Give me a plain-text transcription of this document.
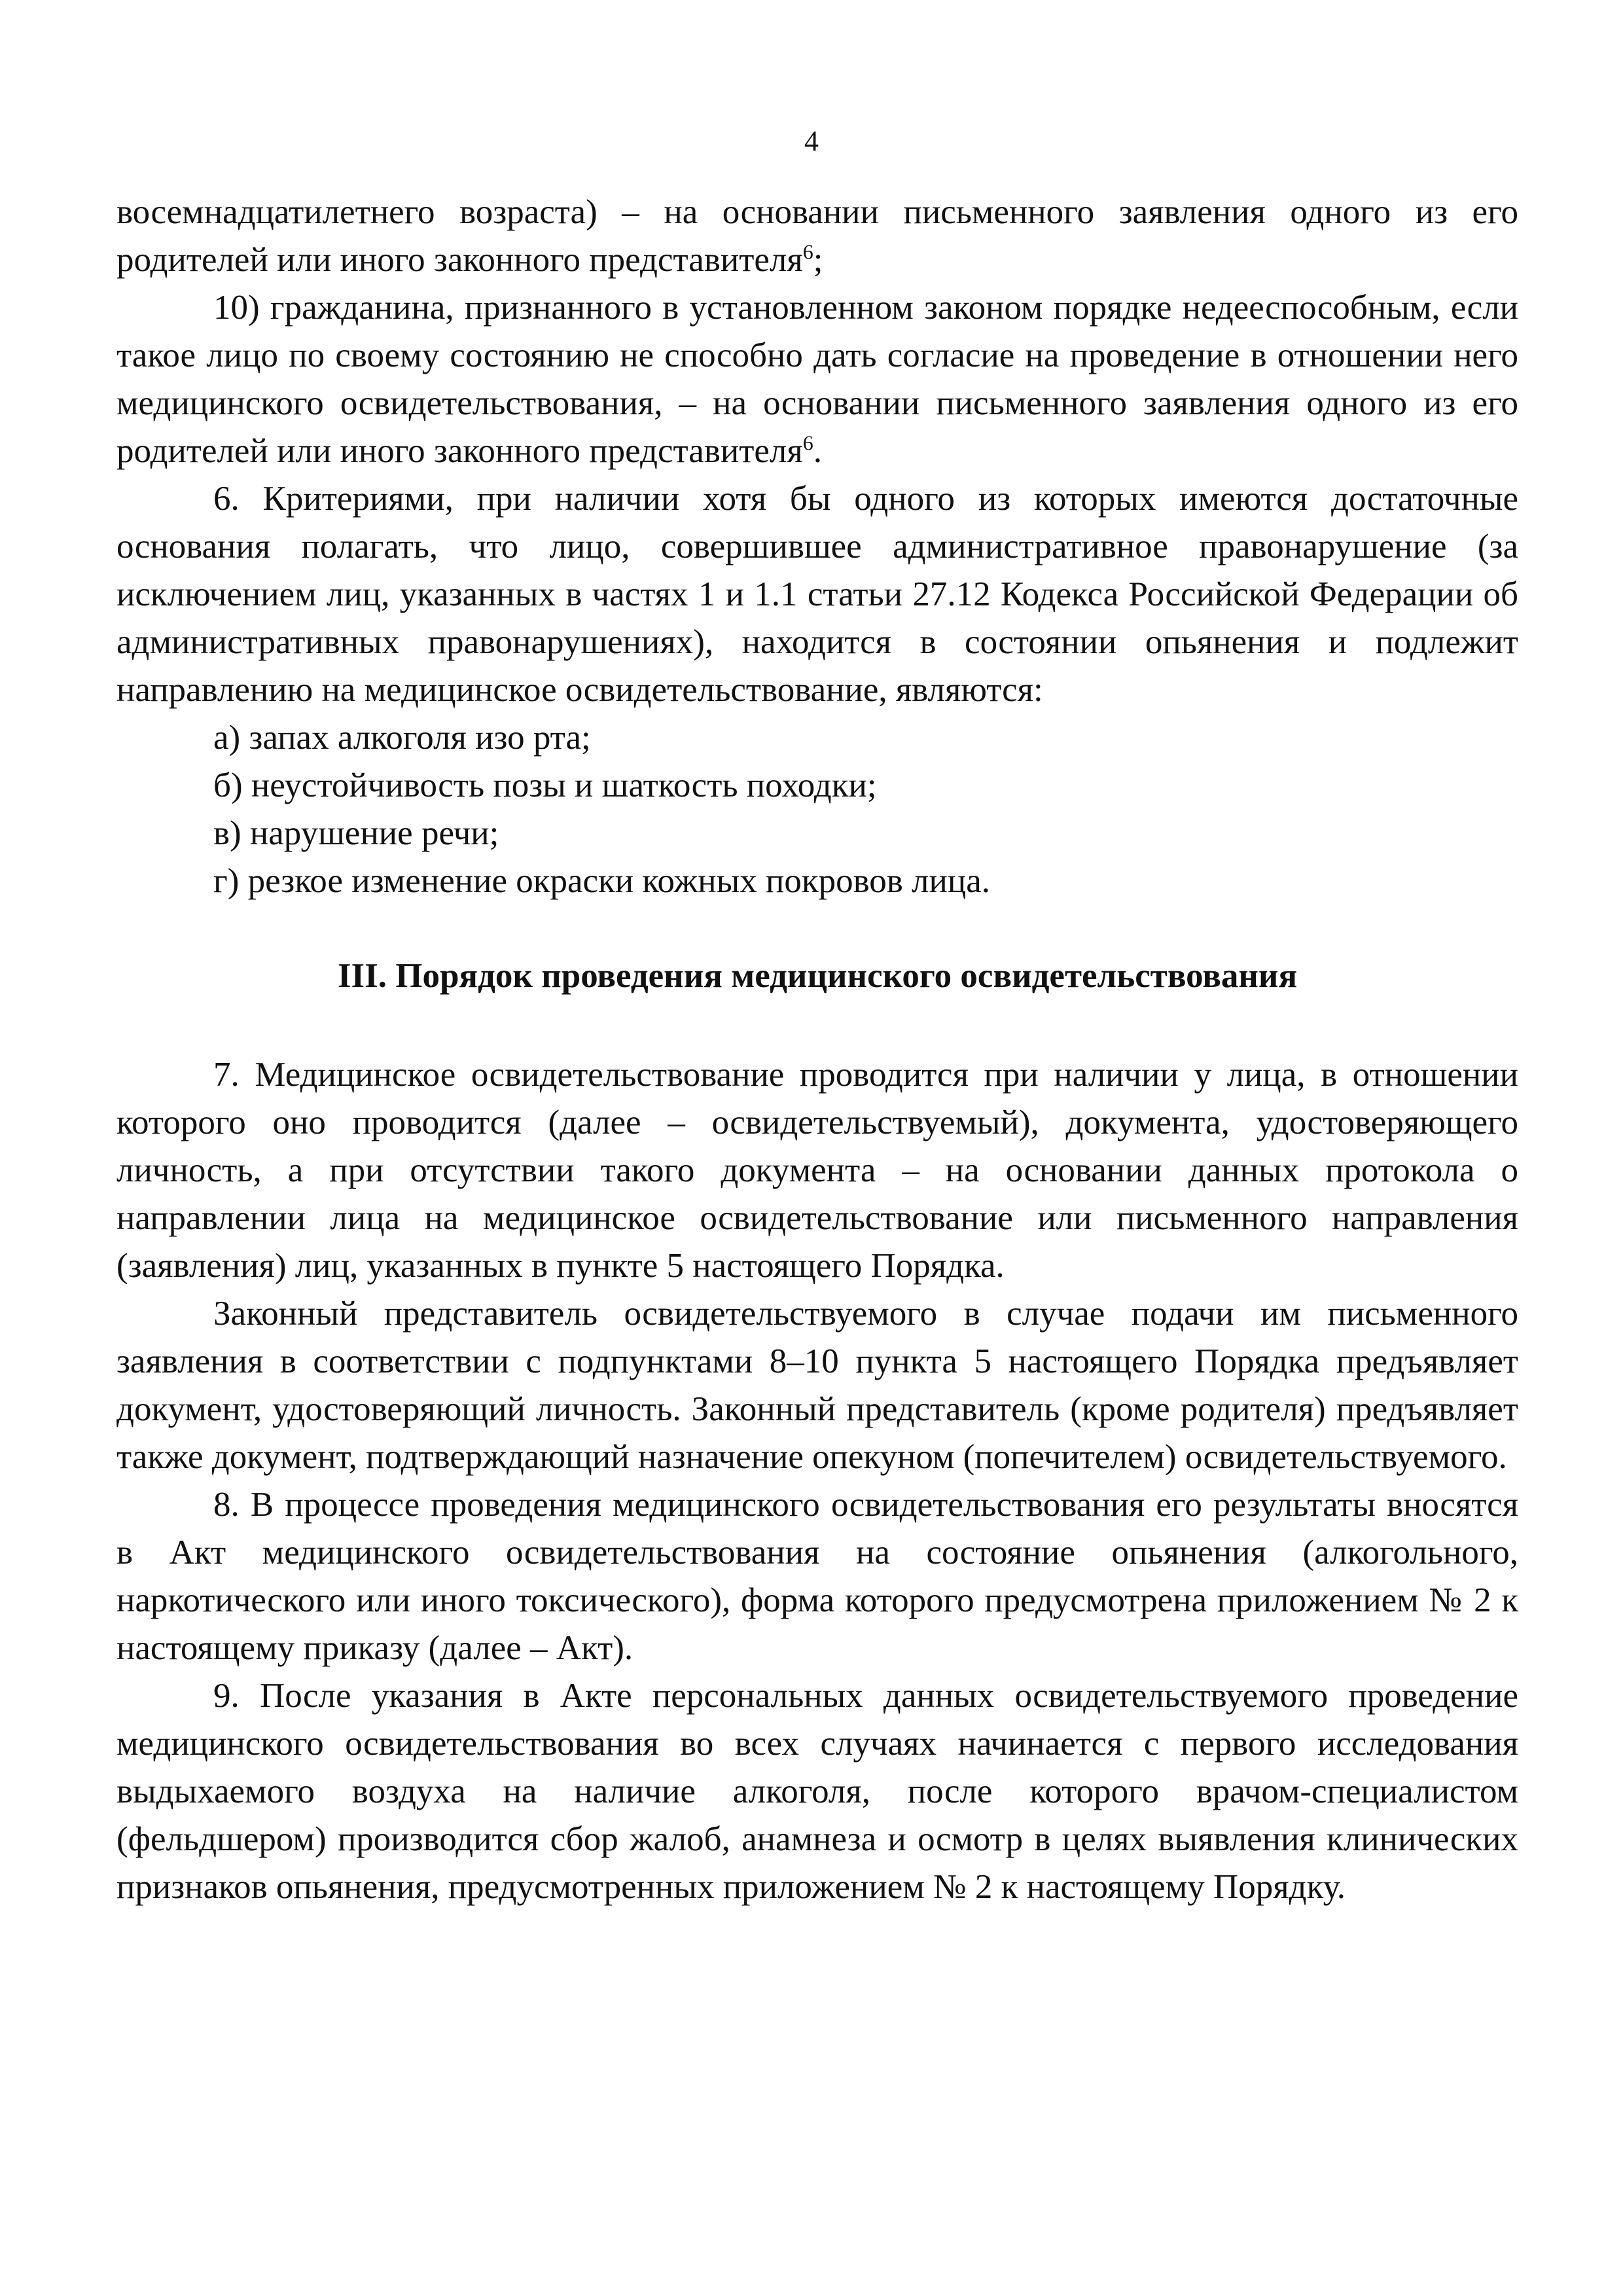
4

восемнадцатилетнего возраста) – на основании письменного заявления одного из его родителей или иного законного представителя$^6$;

10) гражданина, признанного в установленном законом порядке недееспособным, если такое лицо по своему состоянию не способно дать согласие на проведение в отношении него медицинского освидетельствования, – на основании письменного заявления одного из его родителей или иного законного представителя$^6$.

6. Критериями, при наличии хотя бы одного из которых имеются достаточные основания полагать, что лицо, совершившее административное правонарушение (за исключением лиц, указанных в частях 1 и 1.1 статьи 27.12 Кодекса Российской Федерации об административных правонарушениях), находится в состоянии опьянения и подлежит направлению на медицинское освидетельствование, являются:

а) запах алкоголя изо рта;

б) неустойчивость позы и шаткость походки;

в) нарушение речи;

г) резкое изменение окраски кожных покровов лица.

III. Порядок проведения медицинского освидетельствования

7. Медицинское освидетельствование проводится при наличии у лица, в отношении которого оно проводится (далее – освидетельствуемый), документа, удостоверяющего личность, а при отсутствии такого документа – на основании данных протокола о направлении лица на медицинское освидетельствование или письменного направления (заявления) лиц, указанных в пункте 5 настоящего Порядка.

Законный представитель освидетельствуемого в случае подачи им письменного заявления в соответствии с подпунктами 8–10 пункта 5 настоящего Порядка предъявляет документ, удостоверяющий личность. Законный представитель (кроме родителя) предъявляет также документ, подтверждающий назначение опекуном (попечителем) освидетельствуемого.

8. В процессе проведения медицинского освидетельствования его результаты вносятся в Акт медицинского освидетельствования на состояние опьянения (алкогольного, наркотического или иного токсического), форма которого предусмотрена приложением № 2 к настоящему приказу (далее – Акт).

9. После указания в Акте персональных данных освидетельствуемого проведение медицинского освидетельствования во всех случаях начинается с первого исследования выдыхаемого воздуха на наличие алкоголя, после которого врачом-специалистом (фельдшером) производится сбор жалоб, анамнеза и осмотр в целях выявления клинических признаков опьянения, предусмотренных приложением № 2 к настоящему Порядку.
